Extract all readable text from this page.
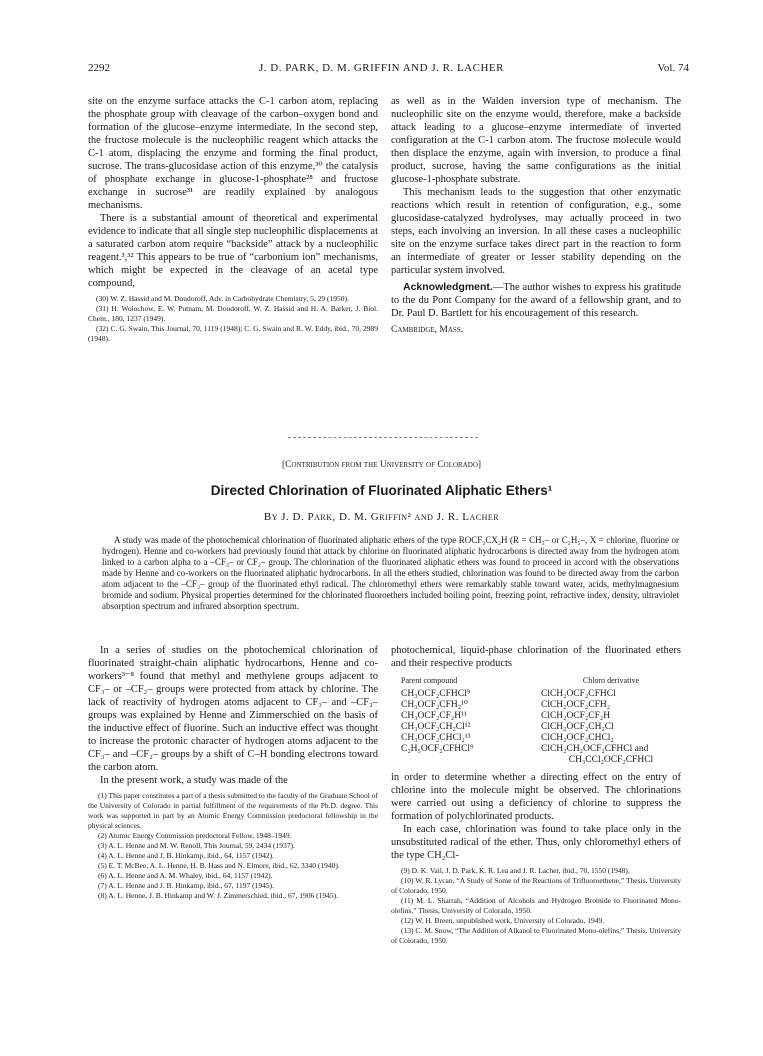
2292	J. D. PARK, D. M. GRIFFIN AND J. R. LACHER	Vol. 74

site on the enzyme surface attacks the C-1 carbon atom, replacing the phosphate group with cleavage of the carbon–oxygen bond and formation of the glucose–enzyme intermediate. In the second step, the fructose molecule is the nucleophilic reagent which attacks the C-1 atom, displacing the enzyme and forming the final product, sucrose. The trans-glucosidase action of this enzyme,³⁰ the catalysis of phosphate exchange in glucose-1-phosphate²⁸ and fructose exchange in sucrose³¹ are readily explained by analogous mechanisms.

There is a substantial amount of theoretical and experimental evidence to indicate that all single step nucleophilic displacements at a saturated carbon atom require “backside” attack by a nucleophilic reagent.³,³² This appears to be true of “carbonium ion” mechanisms, which might be expected in the cleavage of an acetal type compound,

(30) W. Z. Hassid and M. Doudoroff, Adv. in Carbohydrate Chemistry, 5, 29 (1950).

(31) H. Wolochow, E. W. Putnam, M. Doudoroff, W. Z. Hassid and H. A. Barker, J. Biol. Chem., 180, 1237 (1949).

(32) C. G. Swain, This Journal, 70, 1119 (1948); C. G. Swain and R. W. Eddy, ibid., 70, 2989 (1948).

as well as in the Walden inversion type of mechanism. The nucleophilic site on the enzyme would, therefore, make a backside attack leading to a glucose–enzyme intermediate of inverted configuration at the C-1 carbon atom. The fructose molecule would then displace the enzyme, again with inversion, to produce a final product, sucrose, having the same configurations as the initial glucose-1-phosphate substrate.

This mechanism leads to the suggestion that other enzymatic reactions which result in retention of configuration, e.g., some glucosidase-catalyzed hydrolyses, may actually proceed in two steps, each involving an inversion. In all these cases a nucleophilic site on the enzyme surface takes direct part in the reaction to form an intermediate of greater or lesser stability depending on the particular system involved.

Acknowledgment.—The author wishes to express his gratitude to the du Pont Company for the award of a fellowship grant, and to Dr. Paul D. Bartlett for his encouragement of this research.

Cambridge, Mass.

[Contribution from the University of Colorado]
Directed Chlorination of Fluorinated Aliphatic Ethers¹
By J. D. Park, D. M. Griffin² and J. R. Lacher
A study was made of the photochemical chlorination of fluorinated aliphatic ethers of the type ROCF₂CX₂H (R = CH₃– or C₂H₅–, X = chlorine, fluorine or hydrogen). Henne and co-workers had previously found that attack by chlorine on fluorinated aliphatic hydrocarbons is directed away from the hydrogen atom linked to a carbon alpha to a –CF₃– or CF₂– group. The chlorination of the fluorinated aliphatic ethers was found to proceed in accord with the observations made by Henne and co-workers on the fluorinated aliphatic hydrocarbons. In all the ethers studied, chlorination was found to be directed away from the carbon atom adjacent to the –CF₂– group of the fluorinated ethyl radical. The chloromethyl ethers were remarkably stable toward water, acids, methylmagnesium bromide and sodium. Physical properties determined for the chlorinated fluoroethers included boiling point, freezing point, refractive index, density, ultraviolet absorption spectrum and infrared absorption spectrum.

In a series of studies on the photochemical chlorination of fluorinated straight-chain aliphatic hydrocarbons, Henne and co-workers³⁻⁸ found that methyl and methylene groups adjacent to CF₃– or –CF₂– groups were protected from attack by chlorine. The lack of reactivity of hydrogen atoms adjacent to CF₃– and –CF₂– groups was explained by Henne and Zimmerschied on the basis of the inductive effect of fluorine. Such an inductive effect was thought to increase the protonic character of hydrogen atoms adjacent to the CF₃– and –CF₂– groups by a shift of C–H bonding electrons toward the carbon atom.

In the present work, a study was made of the

(1) This paper constitutes a part of a thesis submitted to the faculty of the Graduate School of the University of Colorado in partial fulfillment of the requirements of the Ph.D. degree. This work was supported in part by an Atomic Energy Commission predoctoral fellowship in the physical sciences.

(2) Atomic Energy Commission predoctoral Fellow, 1948–1949.

(3) A. L. Henne and M. W. Renoll, This Journal, 59, 2434 (1937).

(4) A. L. Henne and J. B. Hinkamp, ibid., 64, 1157 (1942).

(5) E. T. McBee, A. L. Henne, H. B. Hass and N. Elmore, ibid., 62, 3340 (1940).

(6) A. L. Henne and A. M. Whaley, ibid., 64, 1157 (1942).

(7) A. L. Henne and J. B. Hinkamp, ibid., 67, 1197 (1945).

(8) A. L. Henne, J. B. Hinkamp and W. J. Zimmerschied, ibid., 67, 1906 (1945).

photochemical, liquid-phase chlorination of the fluorinated ethers and their respective products

Parent compound	Chloro derivative
CH₃OCF₂CFHCl⁹	ClCH₂OCF₂CFHCl
CH₃OCF₂CFH₂¹⁰	ClCH₂OCF₂CFH₂
CH₃OCF₂CF₂H¹¹	ClCH₂OCF₂CF₂H
CH₃OCF₂CH₂Cl¹²	ClCH₂OCF₂CH₂Cl
CH₃OCF₂CHCl₂¹³	ClCH₂OCF₂CHCl₂
C₂H₅OCF₂CFHCl⁹	ClCH₂CH₂OCF₂CFHCl and
	CH₃CCl₂OCF₂CFHCl

in order to determine whether a directing effect on the entry of chlorine into the molecule might be observed. The chlorinations were carried out using a deficiency of chlorine to suppress the formation of polychlorinated products.

In each case, chlorination was found to take place only in the unsubstituted radical of the ether. Thus, only chloromethyl ethers of the type CH₂Cl-

(9) D. K. Vail, J. D. Park, K. R. Lea and J. R. Lacher, ibid., 70, 1550 (1948).

(10) W. R. Lycan, “A Study of Some of the Reactions of Trifluoroethene,” Thesis, University of Colorado, 1950.

(11) M. L. Sharrah, “Addition of Alcohols and Hydrogen Bromide to Fluorinated Mono-olefins,” Thesis, University of Colorado, 1950.

(12) W. H. Breen, unpublished work, University of Colorado, 1949.

(13) C. M. Snow, “The Addition of Alkanol to Fluorinated Mono-olefins,” Thesis, University of Colorado, 1950.
